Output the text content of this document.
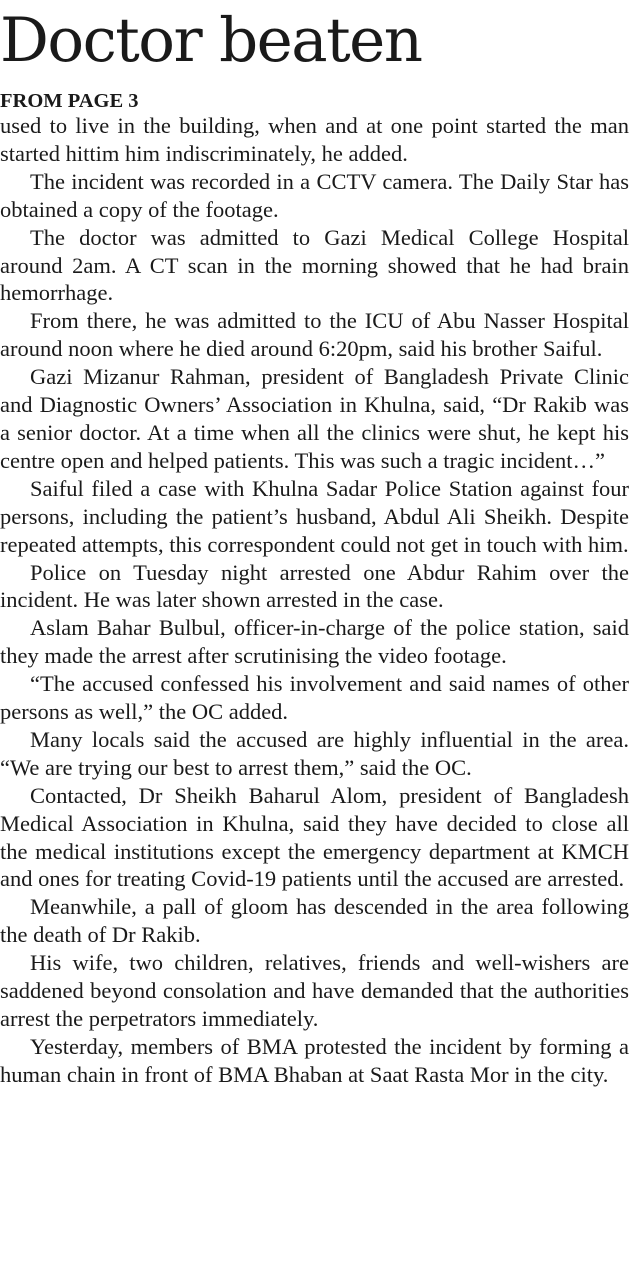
Doctor beaten
FROM PAGE 3

used to live in the building, when and at one point started the man started hittim him indiscriminately, he added.

The incident was recorded in a CCTV camera. The Daily Star has obtained a copy of the footage.

The doctor was admitted to Gazi Medical College Hospital around 2am. A CT scan in the morning showed that he had brain hemorrhage.

From there, he was admitted to the ICU of Abu Nasser Hospital around noon where he died around 6:20pm, said his brother Saiful.

Gazi Mizanur Rahman, president of Bangladesh Private Clinic and Diagnostic Owners’ Association in Khulna, said, “Dr Rakib was a senior doctor. At a time when all the clinics were shut, he kept his centre open and helped patients. This was such a tragic incident…”

Saiful filed a case with Khulna Sadar Police Station against four persons, including the patient’s husband, Abdul Ali Sheikh. Despite repeated attempts, this correspondent could not get in touch with him.

Police on Tuesday night arrested one Abdur Rahim over the incident. He was later shown arrested in the case.

Aslam Bahar Bulbul, officer-in-charge of the police station, said they made the arrest after scrutinising the video footage.

“The accused confessed his involvement and said names of other persons as well,” the OC added.

Many locals said the accused are highly influential in the area. “We are trying our best to arrest them,” said the OC.

Contacted, Dr Sheikh Baharul Alom, president of Bangladesh Medical Association in Khulna, said they have decided to close all the medical institutions except the emergency department at KMCH and ones for treating Covid-19 patients until the accused are arrested.

Meanwhile, a pall of gloom has descended in the area following the death of Dr Rakib.

His wife, two children, relatives, friends and well-wishers are saddened beyond consolation and have demanded that the authorities arrest the perpetrators immediately.

Yesterday, members of BMA protested the incident by forming a human chain in front of BMA Bhaban at Saat Rasta Mor in the city.
